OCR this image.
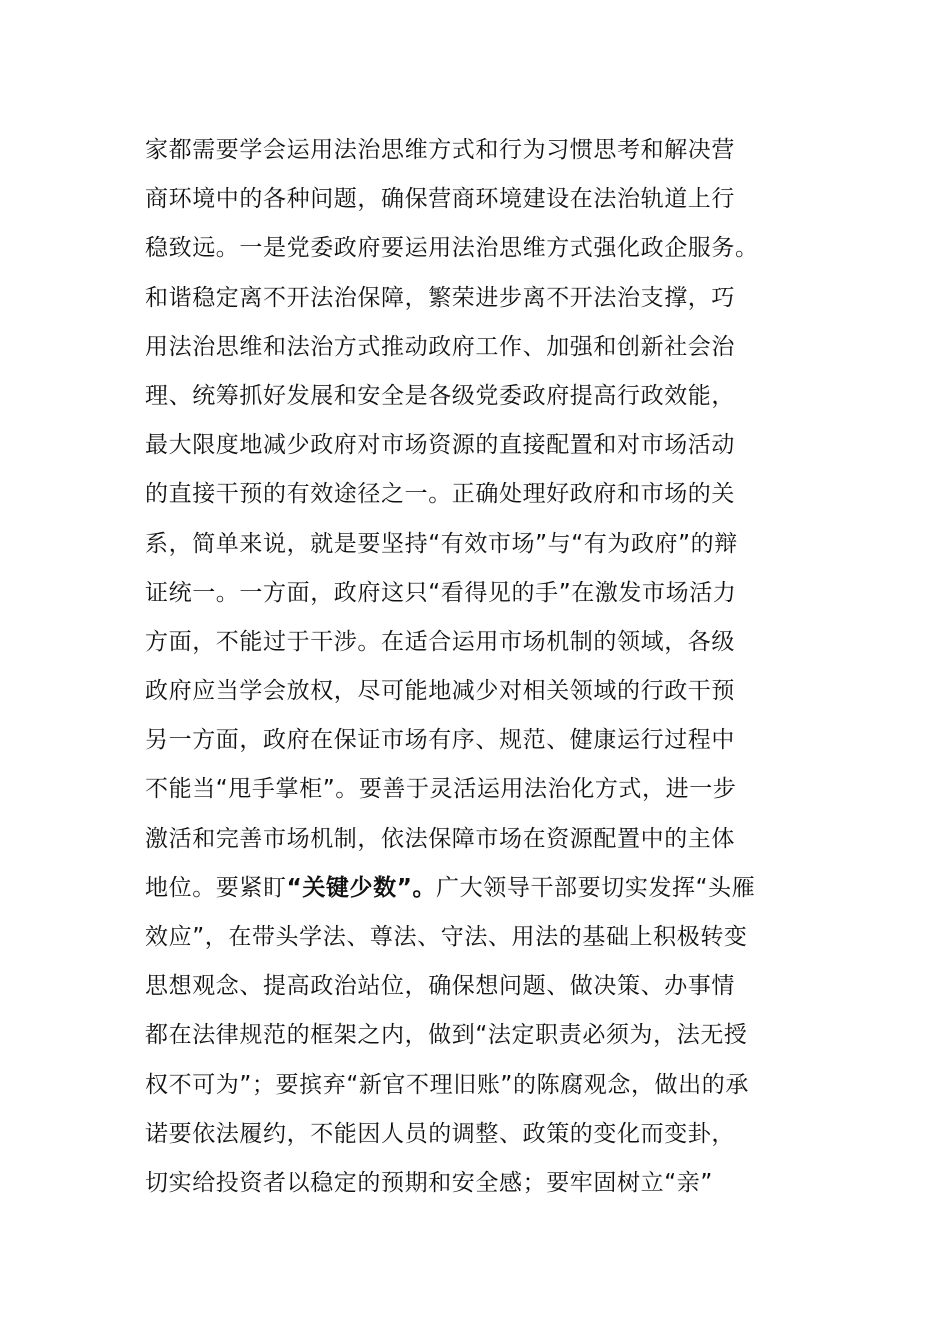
家都需要学会运用法治思维方式和行为习惯思考和解决营
商环境中的各种问题，确保营商环境建设在法治轨道上行
稳致远。一是党委政府要运用法治思维方式强化政企服务。
和谐稳定离不开法治保障，繁荣进步离不开法治支撑，巧
用法治思维和法治方式推动政府工作、加强和创新社会治
理、统筹抓好发展和安全是各级党委政府提高行政效能，
最大限度地减少政府对市场资源的直接配置和对市场活动
的直接干预的有效途径之一。正确处理好政府和市场的关
系，简单来说，就是要坚持“有效市场”与“有为政府”的辩
证统一。一方面，政府这只“看得见的手”在激发市场活力
方面，不能过于干涉。在适合运用市场机制的领域，各级
政府应当学会放权，尽可能地减少对相关领域的行政干预
另一方面，政府在保证市场有序、规范、健康运行过程中
不能当“甩手掌柜”。要善于灵活运用法治化方式，进一步
激活和完善市场机制，依法保障市场在资源配置中的主体
地位。要紧盯“关键少数”。广大领导干部要切实发挥“头雁
效应”，在带头学法、尊法、守法、用法的基础上积极转变
思想观念、提高政治站位，确保想问题、做决策、办事情
都在法律规范的框架之内，做到“法定职责必须为，法无授
权不可为”；要摈弃“新官不理旧账”的陈腐观念，做出的承
诺要依法履约，不能因人员的调整、政策的变化而变卦，
切实给投资者以稳定的预期和安全感；要牢固树立“亲”
